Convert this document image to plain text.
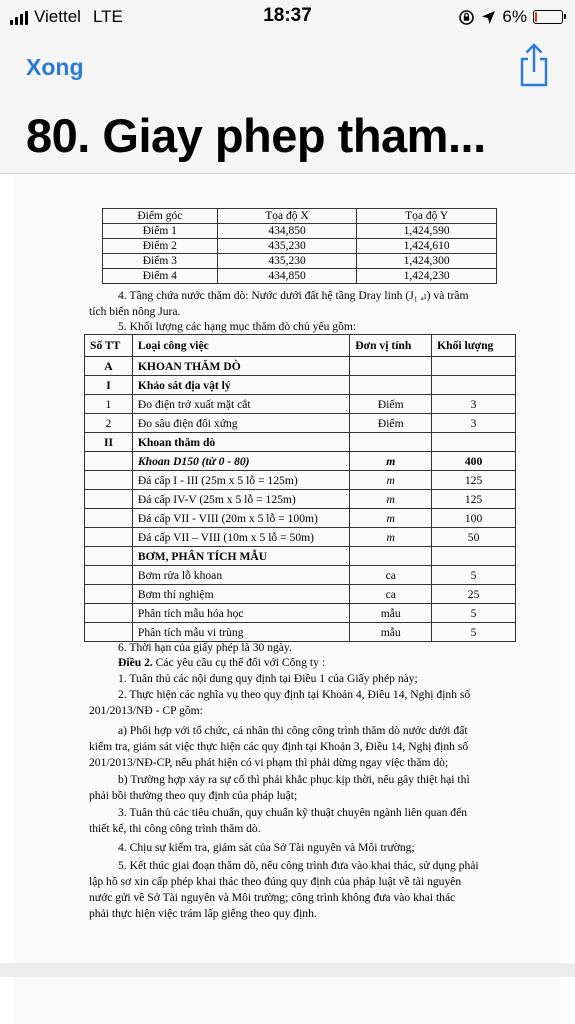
Viettel LTE	18:37	6%
Xong
80. Giay phep tham...
Điểm góc	Tọa độ X	Tọa độ Y
Điểm 1	434,850	1,424,590
Điểm 2	435,230	1,424,610
Điểm 3	435,230	1,424,300
Điểm 4	434,850	1,424,230
4. Tầng chứa nước thăm dò: Nước dưới đất hệ tầng Dray linh (J₁ ₐₗ) và trầm
tích biến nông Jura.
5. Khối lượng các hạng mục thăm dò chủ yếu gồm:
Số TT	Loại công việc	Đơn vị tính	Khối lượng
A	KHOAN THĂM DÒ		
I	Khảo sát địa vật lý		
1	Đo điện trở xuất mặt cắt	Điểm	3
2	Đo sâu điện đối xứng	Điểm	3
II	Khoan thăm dò		
	Khoan D150 (từ 0 - 80)	m	400
	Đá cấp I - III (25m x 5 lỗ = 125m)	m	125
	Đá cấp IV-V (25m x 5 lỗ = 125m)	m	125
	Đá cấp VII - VIII (20m x 5 lỗ = 100m)	m	100
	Đá cấp VII – VIII (10m x 5 lỗ = 50m)	m	50
	BƠM, PHÂN TÍCH MẪU		
	Bơm rửa lỗ khoan	ca	5
	Bơm thí nghiệm	ca	25
	Phân tích mẫu hóa học	mẫu	5
	Phân tích mẫu vi trùng	mẫu	5
6. Thời hạn của giấy phép là 30 ngày.
Điều 2. Các yêu cầu cụ thể đối với Công ty :
1. Tuân thủ các nội dung quy định tại Điều 1 của Giấy phép này;
2. Thực hiện các nghĩa vụ theo quy định tại Khoản 4, Điều 14, Nghị định số
201/2013/NĐ - CP gồm:
a) Phối hợp với tổ chức, cá nhân thi công công trình thăm dò nước dưới đất
kiểm tra, giám sát việc thực hiện các quy định tại Khoản 3, Điều 14, Nghị định số
201/2013/NĐ-CP, nếu phát hiện có vi phạm thì phải dừng ngay việc thăm dò;
b) Trường hợp xảy ra sự cố thì phải khắc phục kịp thời, nếu gây thiệt hại thì
phải bồi thường theo quy định của pháp luật;
3. Tuân thủ các tiêu chuẩn, quy chuẩn kỹ thuật chuyên ngành liên quan đến
thiết kế, thi công công trình thăm dò.
4. Chịu sự kiểm tra, giám sát của Sở Tài nguyên và Môi trường;
5. Kết thúc giai đoạn thăm dò, nếu công trình đưa vào khai thác, sử dụng phải
lập hồ sơ xin cấp phép khai thác theo đúng quy định của pháp luật về tài nguyên
nước gửi về Sở Tài nguyên và Môi trường; công trình không đưa vào khai thác
phải thực hiện việc trám lấp giếng theo quy định.
